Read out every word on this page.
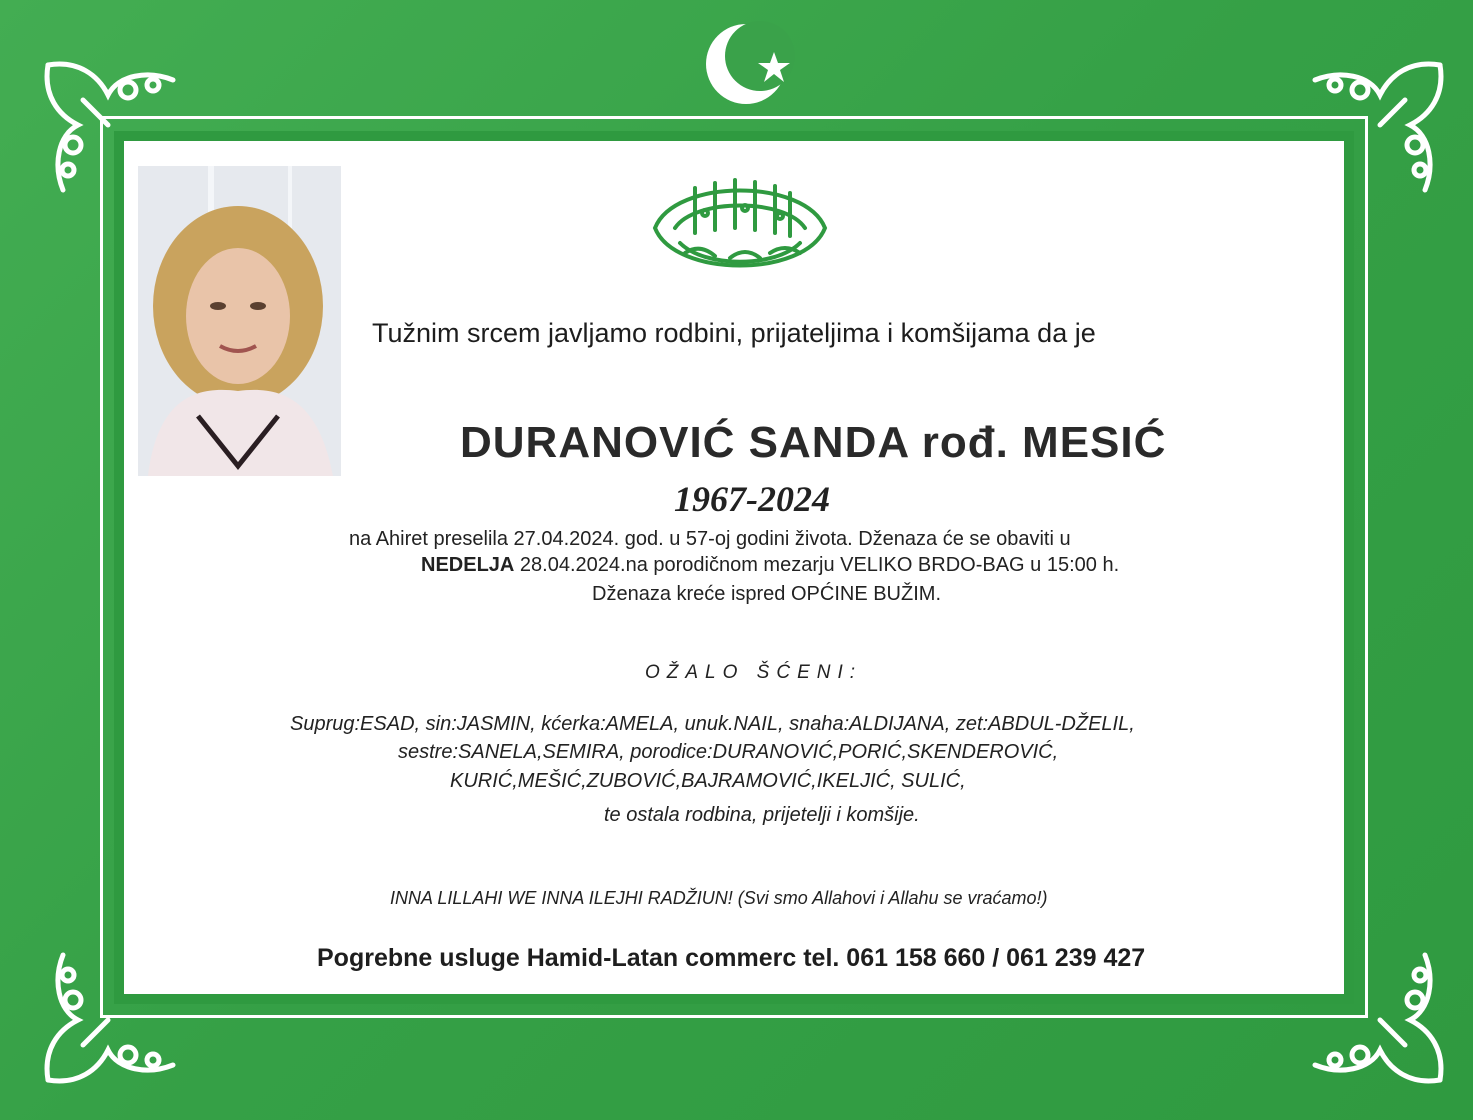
Tužnim srcem javljamo rodbini, prijateljima i komšijama da je
DURANOVIĆ SANDA rođ. MESIĆ
1967-2024
na Ahiret preselila 27.04.2024. god. u 57-oj godini života. Dženaza će se obaviti u
NEDELJA 28.04.2024.na porodičnom mezarju VELIKO BRDO-BAG u 15:00 h.
Dženaza kreće ispred OPĆINE BUŽIM.
OŽALO ŠĆENI:
Suprug:ESAD, sin:JASMIN, kćerka:AMELA, unuk.NAIL, snaha:ALDIJANA, zet:ABDUL-DŽELIL,
sestre:SANELA,SEMIRA, porodice:DURANOVIĆ,PORIĆ,SKENDEROVIĆ,
KURIĆ,MEŠIĆ,ZUBOVIĆ,BAJRAMOVIĆ,IKELJIĆ, SULIĆ,
te ostala rodbina, prijetelji i komšije.
INNA LILLAHI WE INNA ILEJHI RADŽIUN! (Svi smo Allahovi i Allahu se vraćamo!)
Pogrebne usluge Hamid-Latan commerc tel. 061 158 660 / 061 239 427
